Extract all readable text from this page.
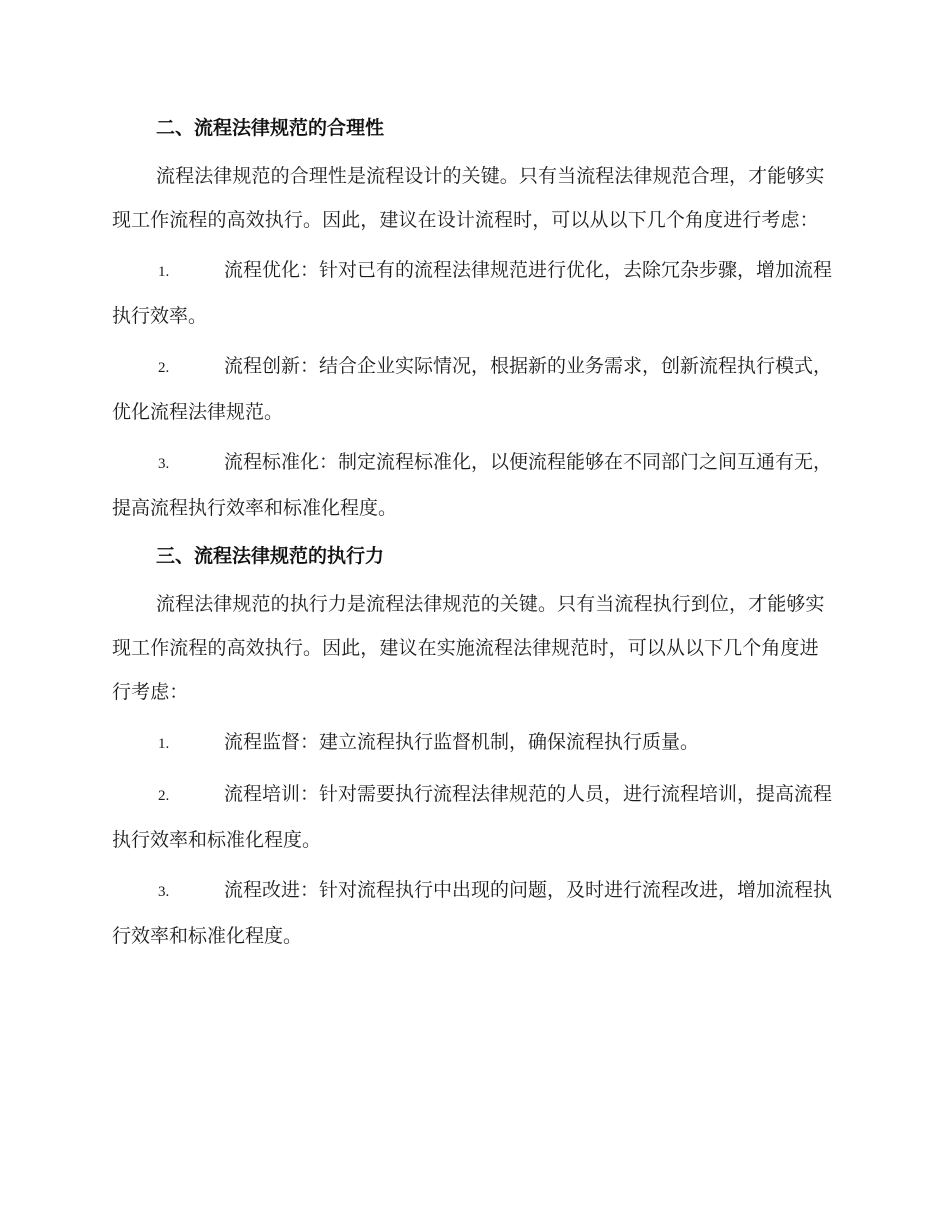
二、流程法律规范的合理性

流程法律规范的合理性是流程设计的关键。只有当流程法律规范合理，才能够实现工作流程的高效执行。因此，建议在设计流程时，可以从以下几个角度进行考虑：

1.	流程优化：针对已有的流程法律规范进行优化，去除冗杂步骤，增加流程执行效率。

2.	流程创新：结合企业实际情况，根据新的业务需求，创新流程执行模式，优化流程法律规范。

3.	流程标准化：制定流程标准化，以便流程能够在不同部门之间互通有无，提高流程执行效率和标准化程度。

三、流程法律规范的执行力

流程法律规范的执行力是流程法律规范的关键。只有当流程执行到位，才能够实现工作流程的高效执行。因此，建议在实施流程法律规范时，可以从以下几个角度进行考虑：

1.	流程监督：建立流程执行监督机制，确保流程执行质量。

2.	流程培训：针对需要执行流程法律规范的人员，进行流程培训，提高流程执行效率和标准化程度。

3.	流程改进：针对流程执行中出现的问题，及时进行流程改进，增加流程执行效率和标准化程度。
